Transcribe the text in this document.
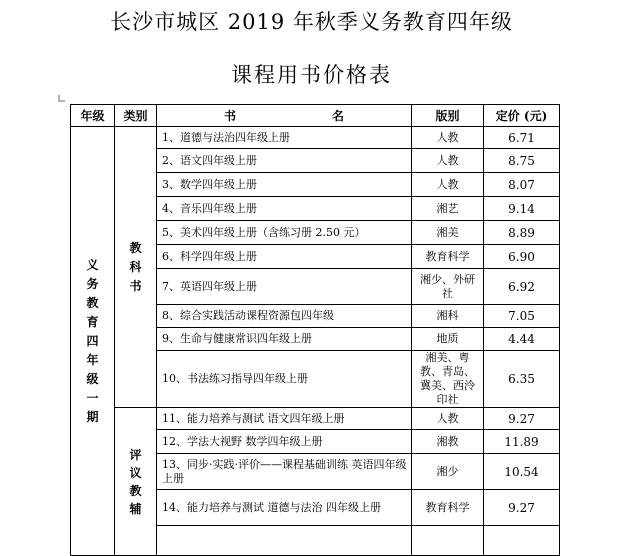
长沙市城区 2019 年秋季义务教育四年级
课程用书价格表
年级	类别	书 名	版别	定价 (元)
义务教育四年级一期	教科书	1、道德与法治四年级上册	人教	6.71
		2、语文四年级上册	人教	8.75
		3、数学四年级上册	人教	8.07
		4、音乐四年级上册	湘艺	9.14
		5、美术四年级上册（含练习册 2.50 元）	湘美	8.89
		6、科学四年级上册	教育科学	6.90
		7、英语四年级上册	湘少、外研社	6.92
		8、综合实践活动课程资源包四年级	湘科	7.05
		9、生命与健康常识四年级上册	地质	4.44
		10、书法练习指导四年级上册	湘美、粤教、青岛、冀美、西泠印社	6.35
	评议教辅	11、能力培养与测试 语文四年级上册	人教	9.27
		12、学法大视野 数学四年级上册	湘教	11.89
		13、同步·实践·评价——课程基础训练 英语四年级上册	湘少	10.54
		14、能力培养与测试 道德与法治 四年级上册	教育科学	9.27
